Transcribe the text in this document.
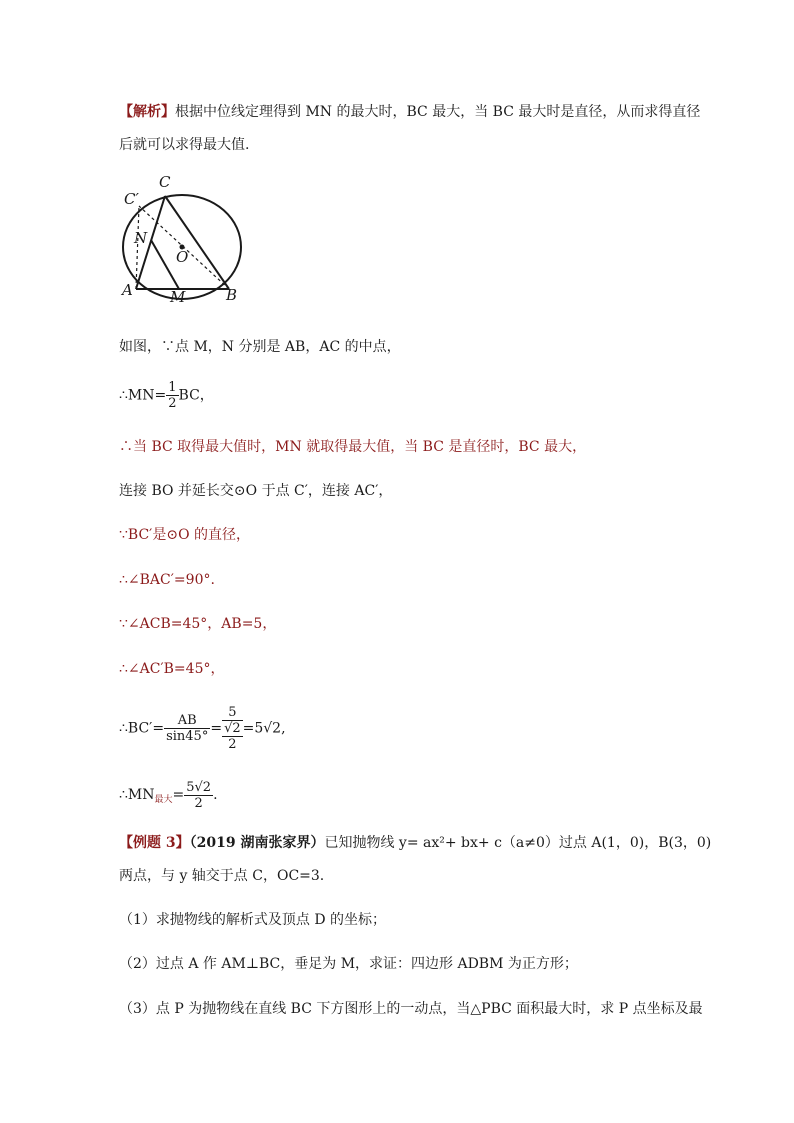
【解析】根据中位线定理得到 MN 的最大时，BC 最大，当 BC 最大时是直径，从而求得直径
后就可以求得最大值.
C
C′
N
O
A M	B
如图，∵点 M，N 分别是 AB，AC 的中点，
∴MN= $\frac{1}{2}$ BC，
∴当 BC 取得最大值时，MN 就取得最大值，当 BC 是直径时，BC 最大，
连接 BO 并延长交⊙O 于点 C′，连接 AC′，
∵BC′是⊙O 的直径，
∴∠BAC′=90°.
∵∠ACB=45°，AB=5，
∴∠AC′B=45°，
∴BC′= $\frac{AB}{\sin 45^\circ}$ =
5
√2
2
=5√2,
$\therefore MN_{最大}= \frac{5√2}{2}$ .
【例题 3】（2019 湖南张家界）已知抛物线 y= ax²+ bx+ c（a≠0）过点 A(1，0)，B(3，0)
两点，与 y 轴交于点 C，OC=3.
（1）求抛物线的解析式及顶点 D 的坐标；
（2）过点 A 作 AM⊥BC，垂足为 M，求证：四边形 ADBM 为正方形；
（3）点 P 为抛物线在直线 BC 下方图形上的一动点，当△PBC 面积最大时，求 P 点坐标及最
